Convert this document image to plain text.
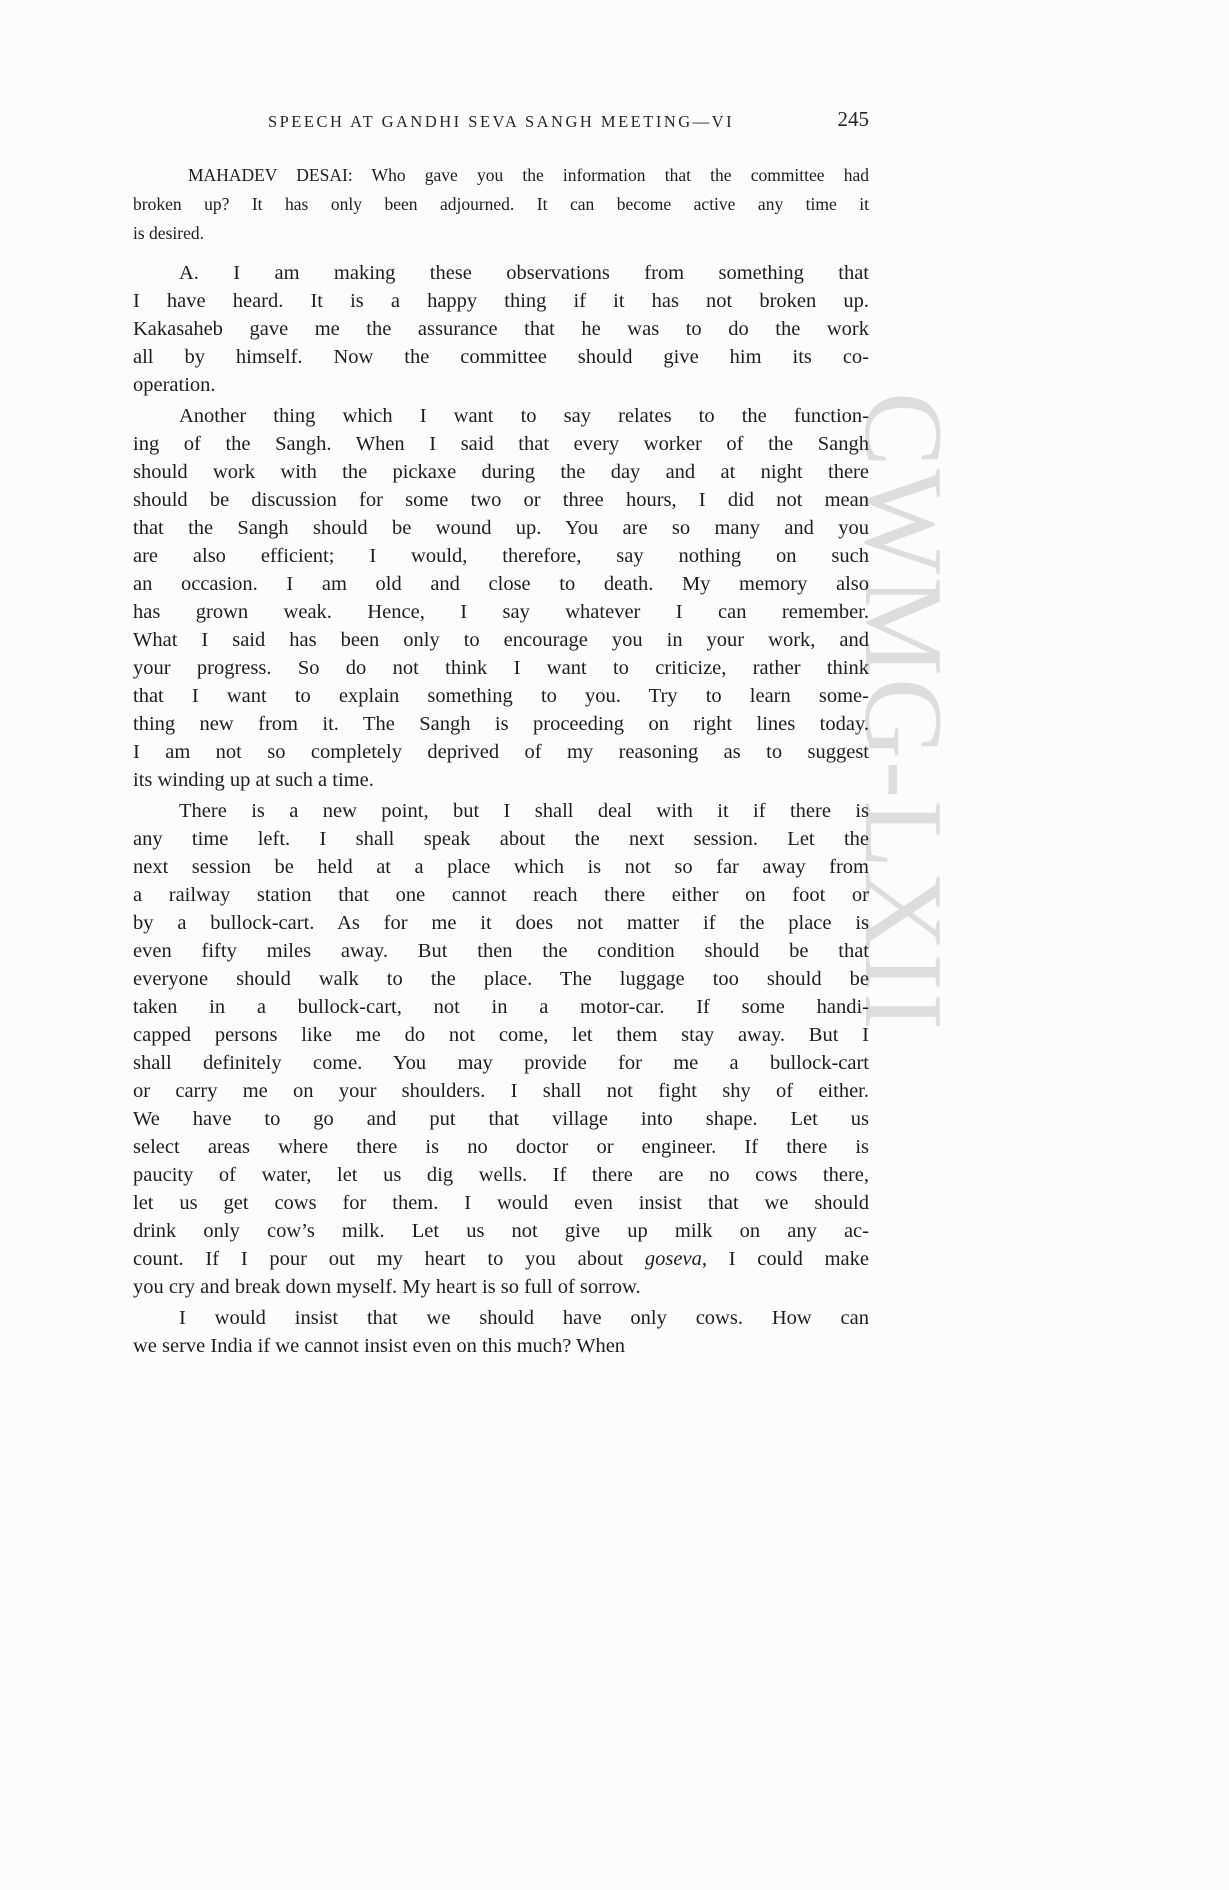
CWMG-LXII
SPEECH AT GANDHI SEVA SANGH MEETING—VI	245
MAHADEV DESAI: Who gave you the information that the committee had
broken up? It has only been adjourned. It can become active any time it
is desired.
A. I am making these observations from something that
I have heard. It is a happy thing if it has not broken up.
Kakasaheb gave me the assurance that he was to do the work
all by himself. Now the committee should give him its co-
operation.
Another thing which I want to say relates to the function-
ing of the Sangh. When I said that every worker of the Sangh
should work with the pickaxe during the day and at night there
should be discussion for some two or three hours, I did not mean
that the Sangh should be wound up. You are so many and you
are also efficient; I would, therefore, say nothing on such
an occasion. I am old and close to death. My memory also
has grown weak. Hence, I say whatever I can remember.
What I said has been only to encourage you in your work, and
your progress. So do not think I want to criticize, rather think
that I want to explain something to you. Try to learn some-
thing new from it. The Sangh is proceeding on right lines today.
I am not so completely deprived of my reasoning as to suggest
its winding up at such a time.
There is a new point, but I shall deal with it if there is
any time left. I shall speak about the next session. Let the
next session be held at a place which is not so far away from
a railway station that one cannot reach there either on foot or
by a bullock-cart. As for me it does not matter if the place is
even fifty miles away. But then the condition should be that
everyone should walk to the place. The luggage too should be
taken in a bullock-cart, not in a motor-car. If some handi-
capped persons like me do not come, let them stay away. But I
shall definitely come. You may provide for me a bullock-cart
or carry me on your shoulders. I shall not fight shy of either.
We have to go and put that village into shape. Let us
select areas where there is no doctor or engineer. If there is
paucity of water, let us dig wells. If there are no cows there,
let us get cows for them. I would even insist that we should
drink only cow’s milk. Let us not give up milk on any ac-
count. If I pour out my heart to you about goseva, I could make
you cry and break down myself. My heart is so full of sorrow.
I would insist that we should have only cows. How can
we serve India if we cannot insist even on this much? When
